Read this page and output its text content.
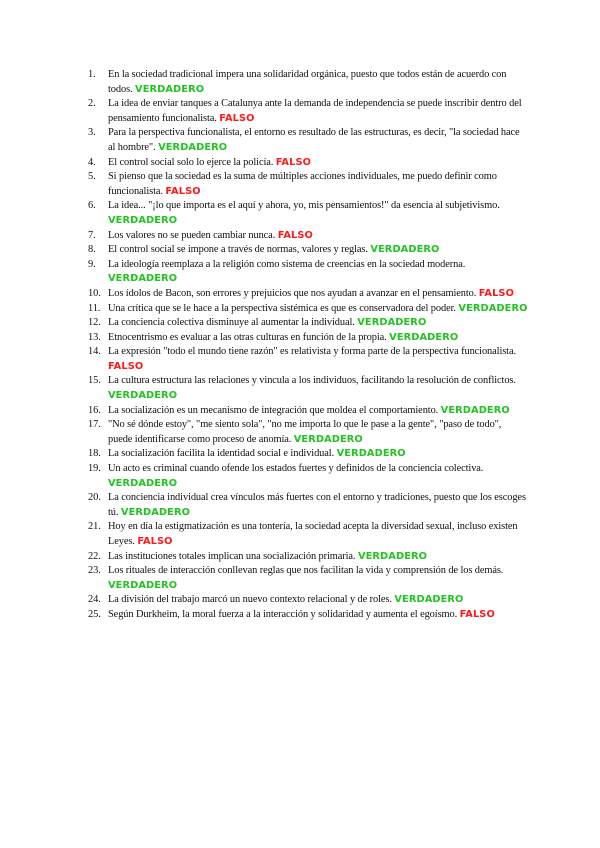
1.	En la sociedad tradicional impera una solidaridad orgánica, puesto que todos están de acuerdo con todos. VERDADERO
2.	La idea de enviar tanques a Catalunya ante la demanda de independencia se puede inscribir dentro del pensamiento funcionalista. FALSO
3.	Para la perspectiva funcionalista, el entorno es resultado de las estructuras, es decir, "la sociedad hace al hombre". VERDADERO
4.	El control social solo lo ejerce la policía. FALSO
5.	Si pienso que la sociedad es la suma de múltiples acciones individuales, me puedo definir como funcionalista. FALSO
6.	La idea... "¡lo que importa es el aquí y ahora, yo, mis pensamientos!" da esencia al subjetivismo. VERDADERO
7.	Los valores no se pueden cambiar nunca. FALSO
8.	El control social se impone a través de normas, valores y reglas. VERDADERO
9.	La ideología reemplaza a la religión como sistema de creencias en la sociedad moderna. VERDADERO
10. Los ídolos de Bacon, son errores y prejuicios que nos ayudan a avanzar en el pensamiento. FALSO
11. Una crítica que se le hace a la perspectiva sistémica es que es conservadora del poder. VERDADERO
12. La conciencia colectiva disminuye al aumentar la individual. VERDADERO
13. Etnocentrismo es evaluar a las otras culturas en función de la propia. VERDADERO
14. La expresión "todo el mundo tiene razón" es relativista y forma parte de la perspectiva funcionalista. FALSO
15. La cultura estructura las relaciones y vincula a los individuos, facilitando la resolución de conflictos. VERDADERO
16. La socialización es un mecanismo de integración que moldea el comportamiento. VERDADERO
17. "No sé dónde estoy", "me siento sola", "no me importa lo que le pase a la gente", "paso de todo", puede identificarse como proceso de anomía. VERDADERO
18. La socialización facilita la identidad social e individual. VERDADERO
19. Un acto es criminal cuando ofende los estados fuertes y definidos de la conciencia colectiva. VERDADERO
20. La conciencia individual crea vínculos más fuertes con el entorno y tradiciones, puesto que los escoges tú. VERDADERO
21. Hoy en día la estigmatización es una tontería, la sociedad acepta la diversidad sexual, incluso existen Leyes. FALSO
22. Las instituciones totales implican una socialización primaria. VERDADERO
23. Los rituales de interacción conllevan reglas que nos facilitan la vida y comprensión de los demás. VERDADERO
24. La división del trabajo marcó un nuevo contexto relacional y de roles. VERDADERO
25. Según Durkheim, la moral fuerza a la interacción y solidaridad y aumenta el egoísmo. FALSO
